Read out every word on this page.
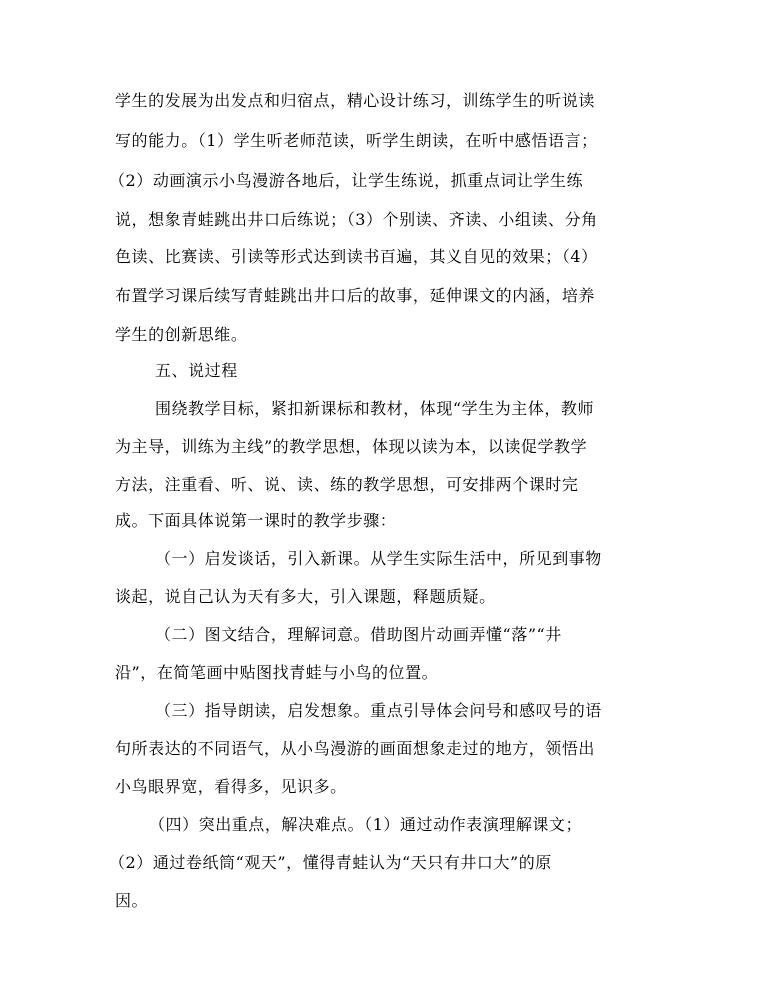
学生的发展为出发点和归宿点，精心设计练习，训练学生的听说读
写的能力。（1）学生听老师范读，听学生朗读，在听中感悟语言；
（2）动画演示小鸟漫游各地后，让学生练说，抓重点词让学生练
说，想象青蛙跳出井口后练说；（3）个别读、齐读、小组读、分角
色读、比赛读、引读等形式达到读书百遍，其义自见的效果；（4）
布置学习课后续写青蛙跳出井口后的故事，延伸课文的内涵，培养
学生的创新思维。
五、说过程
围绕教学目标，紧扣新课标和教材，体现“学生为主体，教师
为主导，训练为主线”的教学思想，体现以读为本，以读促学教学
方法，注重看、听、说、读、练的教学思想，可安排两个课时完
成。下面具体说第一课时的教学步骤：
（一）启发谈话，引入新课。从学生实际生活中，所见到事物
谈起，说自己认为天有多大，引入课题，释题质疑。
（二）图文结合，理解词意。借助图片动画弄懂“落”“井
沿”，在简笔画中贴图找青蛙与小鸟的位置。
（三）指导朗读，启发想象。重点引导体会问号和感叹号的语
句所表达的不同语气，从小鸟漫游的画面想象走过的地方，领悟出
小鸟眼界宽，看得多，见识多。
（四）突出重点，解决难点。（1）通过动作表演理解课文；
（2）通过卷纸筒“观天”，懂得青蛙认为“天只有井口大”的原
因。
